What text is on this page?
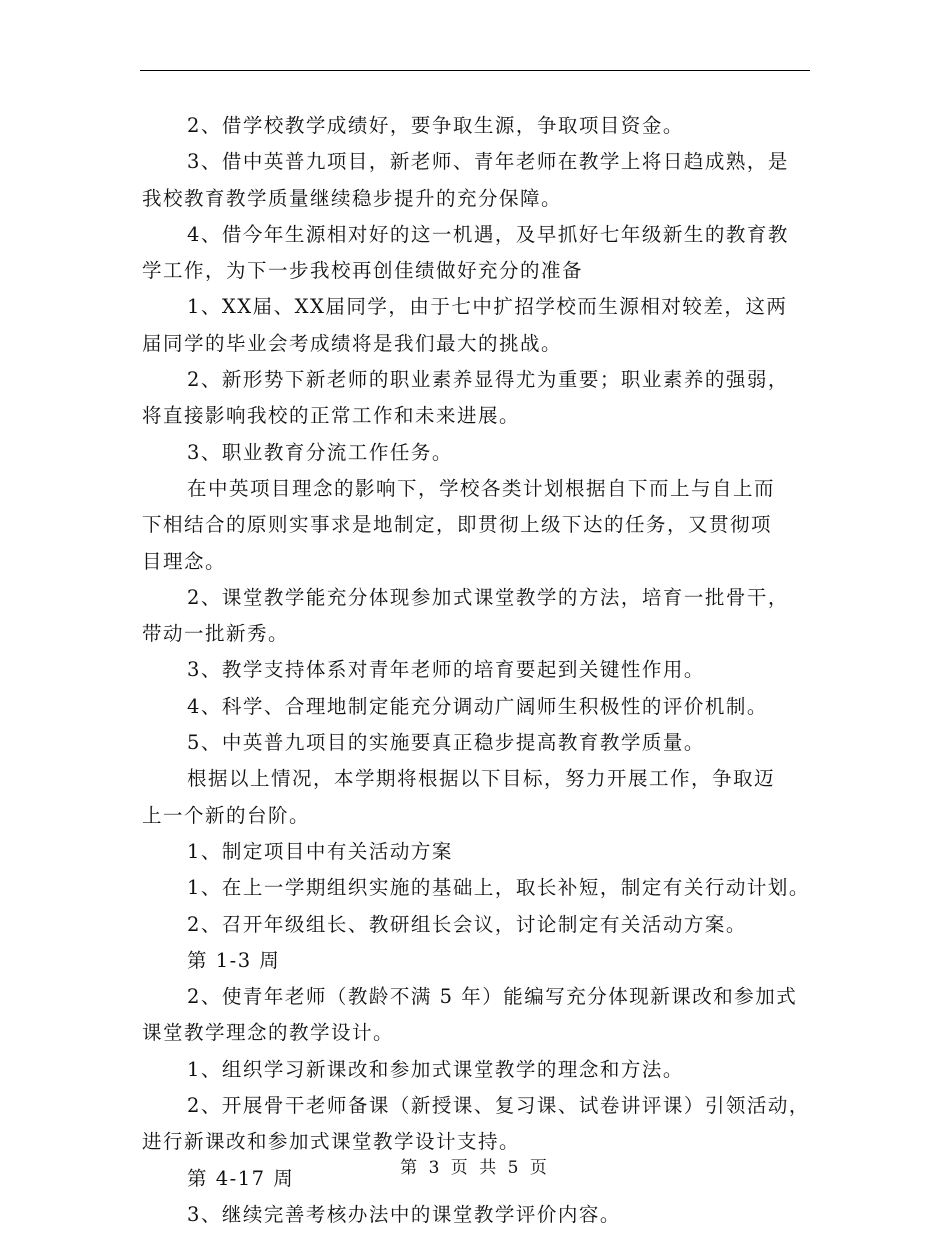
2、借学校教学成绩好，要争取生源，争取项目资金。
3、借中英普九项目，新老师、青年老师在教学上将日趋成熟，是
我校教育教学质量继续稳步提升的充分保障。
4、借今年生源相对好的这一机遇，及早抓好七年级新生的教育教
学工作，为下一步我校再创佳绩做好充分的准备
1、XX届、XX届同学，由于七中扩招学校而生源相对较差，这两
届同学的毕业会考成绩将是我们最大的挑战。
2、新形势下新老师的职业素养显得尤为重要；职业素养的强弱，
将直接影响我校的正常工作和未来进展。
3、职业教育分流工作任务。
在中英项目理念的影响下，学校各类计划根据自下而上与自上而
下相结合的原则实事求是地制定，即贯彻上级下达的任务，又贯彻项
目理念。
2、课堂教学能充分体现参加式课堂教学的方法，培育一批骨干，
带动一批新秀。
3、教学支持体系对青年老师的培育要起到关键性作用。
4、科学、合理地制定能充分调动广阔师生积极性的评价机制。
5、中英普九项目的实施要真正稳步提高教育教学质量。
根据以上情况，本学期将根据以下目标，努力开展工作，争取迈
上一个新的台阶。
1、制定项目中有关活动方案
1、在上一学期组织实施的基础上，取长补短，制定有关行动计划。
2、召开年级组长、教研组长会议，讨论制定有关活动方案。
第 1-3 周
2、使青年老师（教龄不满 5 年）能编写充分体现新课改和参加式
课堂教学理念的教学设计。
1、组织学习新课改和参加式课堂教学的理念和方法。
2、开展骨干老师备课（新授课、复习课、试卷讲评课）引领活动，
进行新课改和参加式课堂教学设计支持。
第 4-17 周
3、继续完善考核办法中的课堂教学评价内容。
第 3 页 共 5 页
